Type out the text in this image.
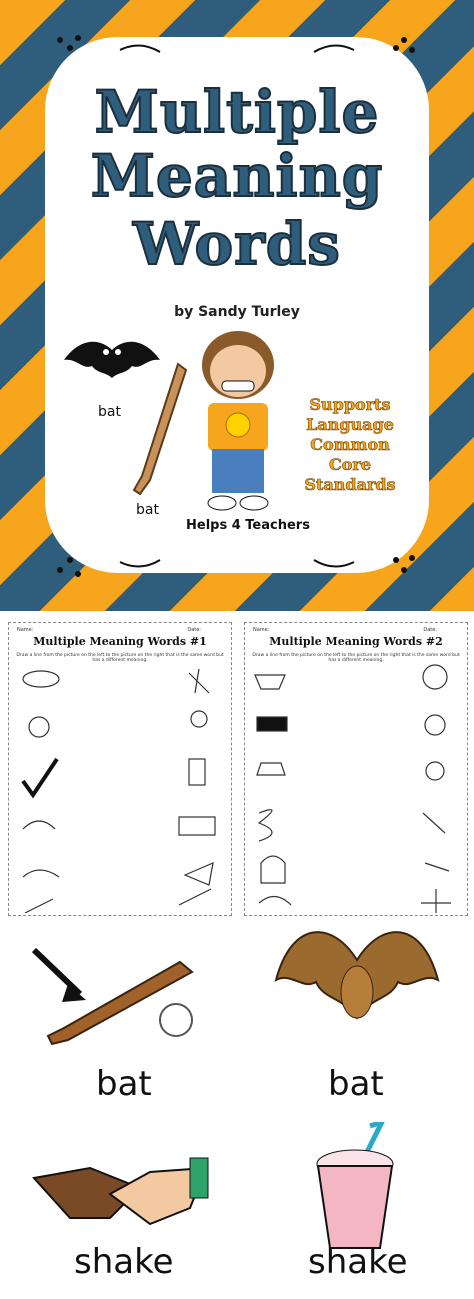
Multiple
Meaning
Words
by Sandy Turley
bat
bat
Supports
Language
Common Core
Standards
Helps 4 Teachers
Name:	Date:
Multiple Meaning Words #1
Draw a line from the picture on the left to the picture on the right that is the same word but has a different meaning.
Name:	Date:
Multiple Meaning Words #2
Draw a line from the picture on the left to the picture on the right that is the same word but has a different meaning.
bat	bat
shake	shake
